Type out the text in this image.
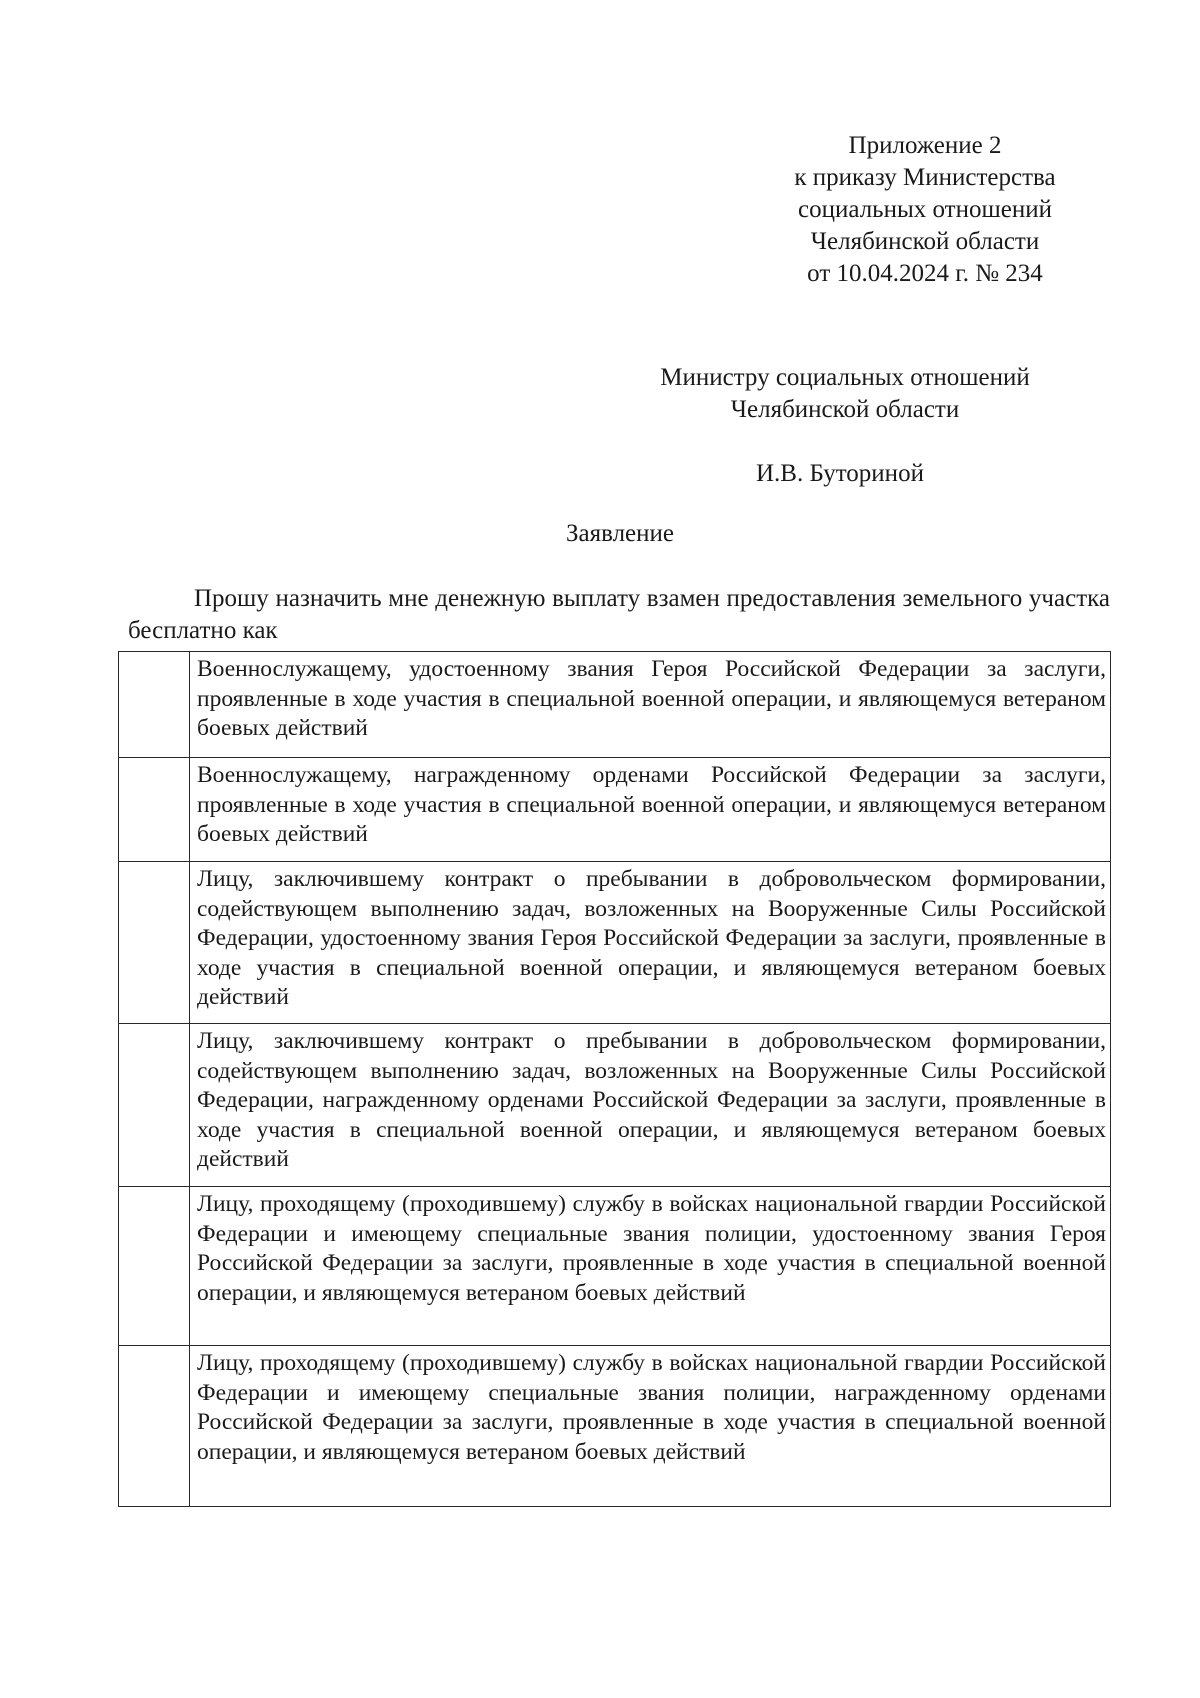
Приложение 2
к приказу Министерства
социальных отношений
Челябинской области
от 10.04.2024 г. № 234
Министру социальных отношений
Челябинской области
И.В. Буториной
Заявление
Прошу назначить мне денежную выплату взамен предоставления земельного участка бесплатно как
	Военнослужащему, удостоенному звания Героя Российской Федерации за заслуги, проявленные в ходе участия в специальной военной операции, и являющемуся ветераном боевых действий
	Военнослужащему, награжденному орденами Российской Федерации за заслуги, проявленные в ходе участия в специальной военной операции, и являющемуся ветераном боевых действий
	Лицу, заключившему контракт о пребывании в добровольческом формировании, содействующем выполнению задач, возложенных на Вооруженные Силы Российской Федерации, удостоенному звания Героя Российской Федерации за заслуги, проявленные в ходе участия в специальной военной операции, и являющемуся ветераном боевых действий
	Лицу, заключившему контракт о пребывании в добровольческом формировании, содействующем выполнению задач, возложенных на Вооруженные Силы Российской Федерации, награжденному орденами Российской Федерации за заслуги, проявленные в ходе участия в специальной военной операции, и являющемуся ветераном боевых действий
	Лицу, проходящему (проходившему) службу в войсках национальной гвардии Российской Федерации и имеющему специальные звания полиции, удостоенному звания Героя Российской Федерации за заслуги, проявленные в ходе участия в специальной военной операции, и являющемуся ветераном боевых действий
	Лицу, проходящему (проходившему) службу в войсках национальной гвардии Российской Федерации и имеющему специальные звания полиции, награжденному орденами Российской Федерации за заслуги, проявленные в ходе участия в специальной военной операции, и являющемуся ветераном боевых действий
